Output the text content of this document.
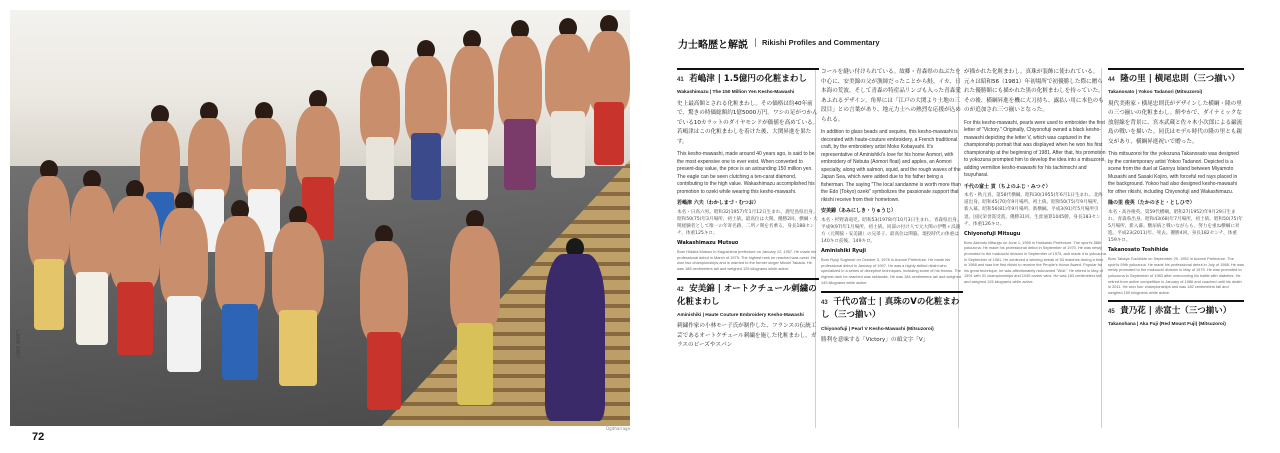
LAMA 1987
Ogitharrage
72
力士略歴と解説 Rikishi Profiles and Commentary
41 若嶋津 | 1.5億円の化粧まわし
Wakashimazu | The 150 Million Yen Kesho-Mawashi
史上最高額とされる化粧まわし。その価格は約40年前で、驚きの時価総額約1億5000万円。ワシの足がつかんでいる10カラットのダイヤモンドが価値を高めている。若嶋津はこの化粧まわしを着けた後、大関昇進を果たす。
This kesho-mawashi, made around 40 years ago, is said to be the most expensive one to ever exist. When converted to present-day value, the price is an astounding 150 million yen. The eagle can be seen clutching a ten-carat diamond, contributing to the high value. Wakashimazu accomplished his promotion to ozeki while wearing this kesho-mawashi.
若嶋津 六夫（わかしまづ・むつお）
本名・日高六男。昭和32(1957)年1月12日生まれ、鹿児島県出身。昭和50(75)年3月場所、初土俵。最高位は大関。優勝2回。横綱・大関経験者として唯一の年寄名跡、二所ノ関を名乗る。身長188センチ、体重125キロ。
Wakashimazu Mutsuo
Born Hidaka Mutsuo in Kagoshima prefecture on January 12, 1957. He made his professional debut in March of 1975. The highest rank he reached was ozeki. He won two championships and is married to the former singer Mizuhi Takada. He was 188 centimeters tall and weighed 125 kilograms while active.
42 安美錦 | オートクチュール刺繍の化粧まわし
Aminishiki | Haute Couture Embroidery Kesho-Mawashi
刺繍作家の小林モー子氏が制作した、フランスの伝統工芸であるオートクチュール刺繍を施した化粧まわし。ガラスのビーズやスパン
コールを縫い付けられている。故郷・青森県のねぶたを中心に、安美錦の父が漁師だったことから鮭、イカ、日本海の荒波、そして青森の特産品リンゴも入った青森愛あふれるデザイン。角界には「江戸の大関より土地の三段目」との言葉があり、地元力士への熱烈な応援が込められる。
In addition to glass beads and sequins, this kesho-mawashi is decorated with haute-couture embroidery, a French traditional craft, by the embroidery artist Moko Kobayashi. It's representative of Aminishiki's love for his home Aomori, with embroidery of Nebuta (Aomori float) and apples, an Aomori specialty, along with salmon, squid, and the rough waves of the Japan Sea, which were added due to his father being a fisherman. The saying "The local sandanme is worth more than the Edo (Tokyo) ozeki" symbolizes the passionate support that rikishi receive from their hometown.
安美錦（あみにしき・りゅうじ）
本名・杉野森竜児。昭和53(1978)年10月3日生まれ、青森県出身。平成9(97)年1月場所、初土俵。同部の付け人で元大関の伊勢ヶ浜親方（元関脇・安美錦）の兄弟子。最高位は関脇。現役時代の体重は140キロ前後、149キロ。
Aminishiki Ryuji
Born Ryuji Sugimori on October 3, 1978 in Aomori Prefecture. He made his professional debut in January of 1997. He was a highly skilled rikishi who specialized in a series of deceptive techniques, including some of his throws. The highest rank he reached was sekiwake. He was 184 centimeters tall and weighed 149 kilograms while active.
43 千代の富士 | 真珠のVの化粧まわし（三つ揃い）
Chiyonofuji | Pearl V Kesho-Mawashi (Mitsuzoroi)
勝利を意味する「Victory」の頭文字「V」
が描かれた化粧まわし。真珠が装飾に使われている。元々は昭和56（1981）年初場所で初優勝した際に贈られた優勝額にも描かれた黒の化粧まわしを持っていた。その後、横綱昇進を機に大刀持ち、露払い用に本色のものが追加され三つ揃いとなった。
For this kesho-mawashi, pearls were used to embroider the first letter of "Victory." Originally, Chiyonofuji owned a black kesho-mawashi depicting the letter V, which was captured in the championship portrait that was displayed when he won his first championship at the beginning of 1981. After that, his promotion to yokozuna prompted him to develop the idea into a mitsuzoroi, adding vermilion kesho-mawashi for his tachimochi and tsuyuharai.
千代の富士 貢（ちよのふじ・みつぐ）
本名・秋元貢。第58代横綱。昭和30(1955)年6月1日生まれ、北海道出身。昭和45(70)年9月場所、初土俵。昭和50(75)年9月場所、新入幕。昭和56(81)年9月場所、新横綱。平成3(91)年5月場所引退。国民栄誉賞受賞。優勝31回、生涯通算1045勝。身長183センチ、体重126キロ。
Chiyonofuji Mitsugu
Born Akimoto Mitsugu on June 1, 1955 in Hokkaido Prefecture. The sport's 58th yokozuna. He made his professional debut in September of 1970. He was newly promoted to the makuuchi division in September of 1975, and made it to yokozuna in September of 1981. He achieved a winning streak of 53 matches during a time in 1988 and was the first rikishi to receive the People's Honor Award. Popular for his great technique, he was affectionately nicknamed "Wolf." He retired in May of 1991 with 31 championships and 1045 career wins. He was 183 centimeters tall and weighed 126 kilograms while active.
44 隆の里 | 横尾忠則（三つ揃い）
Takanosato | Yokoo Tadanori (Mitsuzoroi)
現代美術家・横尾忠則氏がデザインした横綱・隆の里の三つ揃いの化粧まわし。鮮やかで、ダイナミックな放射線を背景に、宮本武蔵と佐々木小次郎による巌流島の戦いを描いた。同氏はモデル時代の隆の里とも親交があり、横綱昇進祝いで贈った。
This mitsuzoroi for the yokozuna Takanosato was designed by the contemporary artist Yokoo Tadanori. Depicted is a scene from the duel at Ganryu Island between Miyamoto Musashi and Sasaki Kojiro, with forceful red rays placed in the background. Yokoo had also designed kesho-mawashi for other rikishi, including Chiyonofuji and Wakashimazu.
隆の里 俊英（たかのさと・としひで）
本名・高谷俊英。第59代横綱。昭和27(1952)年9月29日生まれ、青森県出身。昭和43(68)年7月場所、初土俵。昭和50(75)年5月場所、新入幕。糖尿病と戦いながらも、努力を重ね横綱に昇進。平成23(2011)年、死去。優勝4回。身長182センチ、体重159キロ。
Takanosato Toshihide
Born Takaya Toshihide on September 29, 1952 in Aomori Prefecture. The sport's 59th yokozuna. He made his professional debut in July of 1968. He was newly promoted to the makuuchi division in May of 1975. He was promoted to yokozuna in September of 1983 after overcoming his battle with diabetes. He retired from active competition in January of 1986 and coached until his death in 2011. He won four championships and was 182 centimeters tall and weighed 159 kilograms while active.
45 貴乃花 | 赤富士（三つ揃い）
Takanohana | Aka Fuji (Red Mount Fuji) (Mitsuzoroi)
